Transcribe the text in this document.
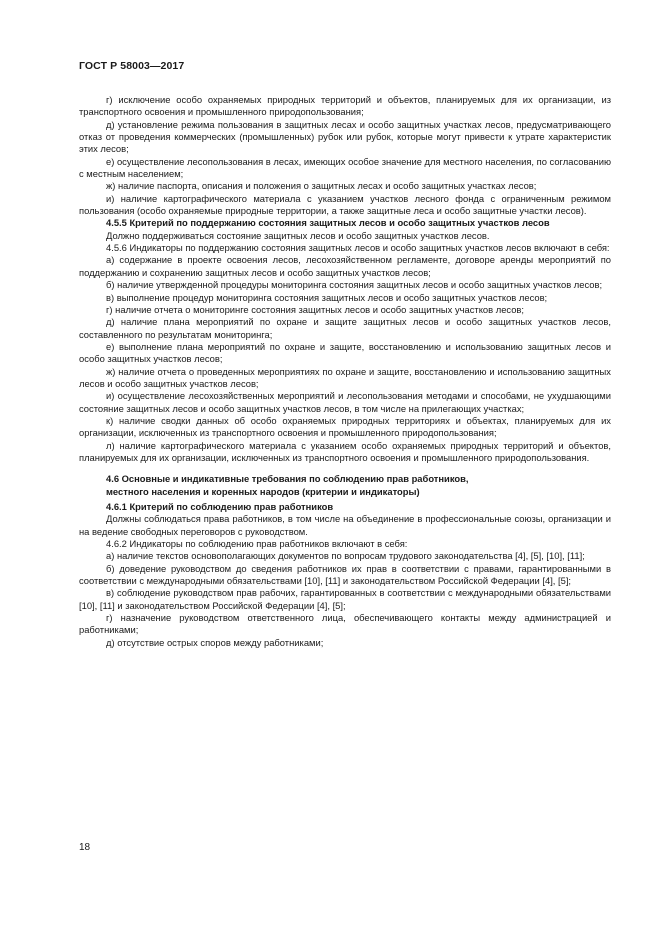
ГОСТ Р 58003—2017

г) исключение особо охраняемых природных территорий и объектов, планируемых для их организации, из транспортного освоения и промышленного природопользования;

д) установление режима пользования в защитных лесах и особо защитных участках лесов, предусматривающего отказ от проведения коммерческих (промышленных) рубок или рубок, которые могут привести к утрате характеристик этих лесов;

е) осуществление лесопользования в лесах, имеющих особое значение для местного населения, по согласованию с местным населением;

ж) наличие паспорта, описания и положения о защитных лесах и особо защитных участках лесов;

и) наличие картографического материала с указанием участков лесного фонда с ограниченным режимом пользования (особо охраняемые природные территории, а также защитные леса и особо защитные участки лесов).

4.5.5 Критерий по поддержанию состояния защитных лесов и особо защитных участков лесов

Должно поддерживаться состояние защитных лесов и особо защитных участков лесов.

4.5.6 Индикаторы по поддержанию состояния защитных лесов и особо защитных участков лесов включают в себя:

а) содержание в проекте освоения лесов, лесохозяйственном регламенте, договоре аренды мероприятий по поддержанию и сохранению защитных лесов и особо защитных участков лесов;

б) наличие утвержденной процедуры мониторинга состояния защитных лесов и особо защитных участков лесов;

в) выполнение процедур мониторинга состояния защитных лесов и особо защитных участков лесов;

г) наличие отчета о мониторинге состояния защитных лесов и особо защитных участков лесов;

д) наличие плана мероприятий по охране и защите защитных лесов и особо защитных участков лесов, составленного по результатам мониторинга;

е) выполнение плана мероприятий по охране и защите, восстановлению и использованию защитных лесов и особо защитных участков лесов;

ж) наличие отчета о проведенных мероприятиях по охране и защите, восстановлению и использованию защитных лесов и особо защитных участков лесов;

и) осуществление лесохозяйственных мероприятий и лесопользования методами и способами, не ухудшающими состояние защитных лесов и особо защитных участков лесов, в том числе на прилегающих участках;

к) наличие сводки данных об особо охраняемых природных территориях и объектах, планируемых для их организации, исключенных из транспортного освоения и промышленного природопользования;

л) наличие картографического материала с указанием особо охраняемых природных территорий и объектов, планируемых для их организации, исключенных из транспортного освоения и промышленного природопользования.

4.6 Основные и индикативные требования по соблюдению прав работников,
местного населения и коренных народов (критерии и индикаторы)

4.6.1 Критерий по соблюдению прав работников

Должны соблюдаться права работников, в том числе на объединение в профессиональные союзы, организации и на ведение свободных переговоров с руководством.

4.6.2 Индикаторы по соблюдению прав работников включают в себя:

а) наличие текстов основополагающих документов по вопросам трудового законодательства [4], [5], [10], [11];

б) доведение руководством до сведения работников их прав в соответствии с правами, гарантированными в соответствии с международными обязательствами [10], [11] и законодательством Российской Федерации [4], [5];

в) соблюдение руководством прав рабочих, гарантированных в соответствии с международными обязательствами [10], [11] и законодательством Российской Федерации [4], [5];

г) назначение руководством ответственного лица, обеспечивающего контакты между администрацией и работниками;

д) отсутствие острых споров между работниками;

18
